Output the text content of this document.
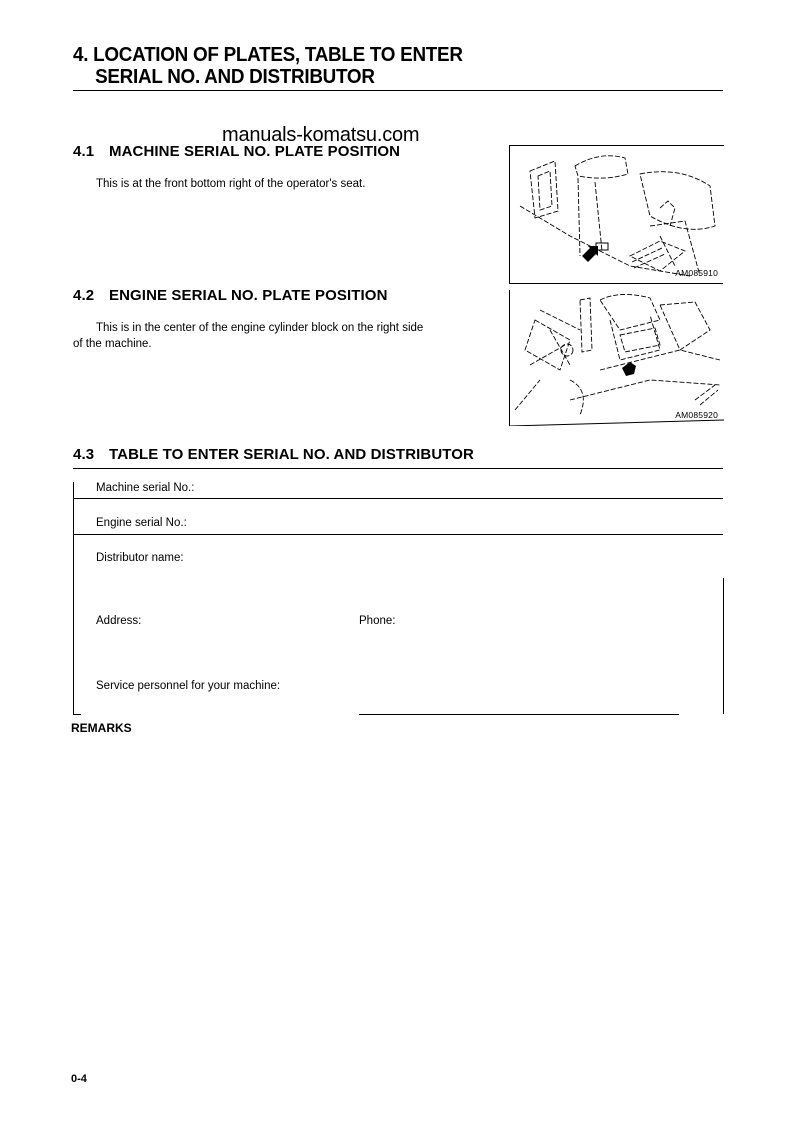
4. LOCATION OF PLATES, TABLE TO ENTER
SERIAL NO. AND DISTRIBUTOR
4.1 MACHINE SERIAL NO. PLATE POSITION
manuals-komatsu.com
This is at the front bottom right of the operator's seat.
AM085910
4.2 ENGINE SERIAL NO. PLATE POSITION
This is in the center of the engine cylinder block on the right side
of the machine.
AM085920
4.3 TABLE TO ENTER SERIAL NO. AND DISTRIBUTOR
Machine serial No.:
Engine serial No.:
Distributor name:
Address:	Phone:
Service personnel for your machine:
REMARKS
0-4
